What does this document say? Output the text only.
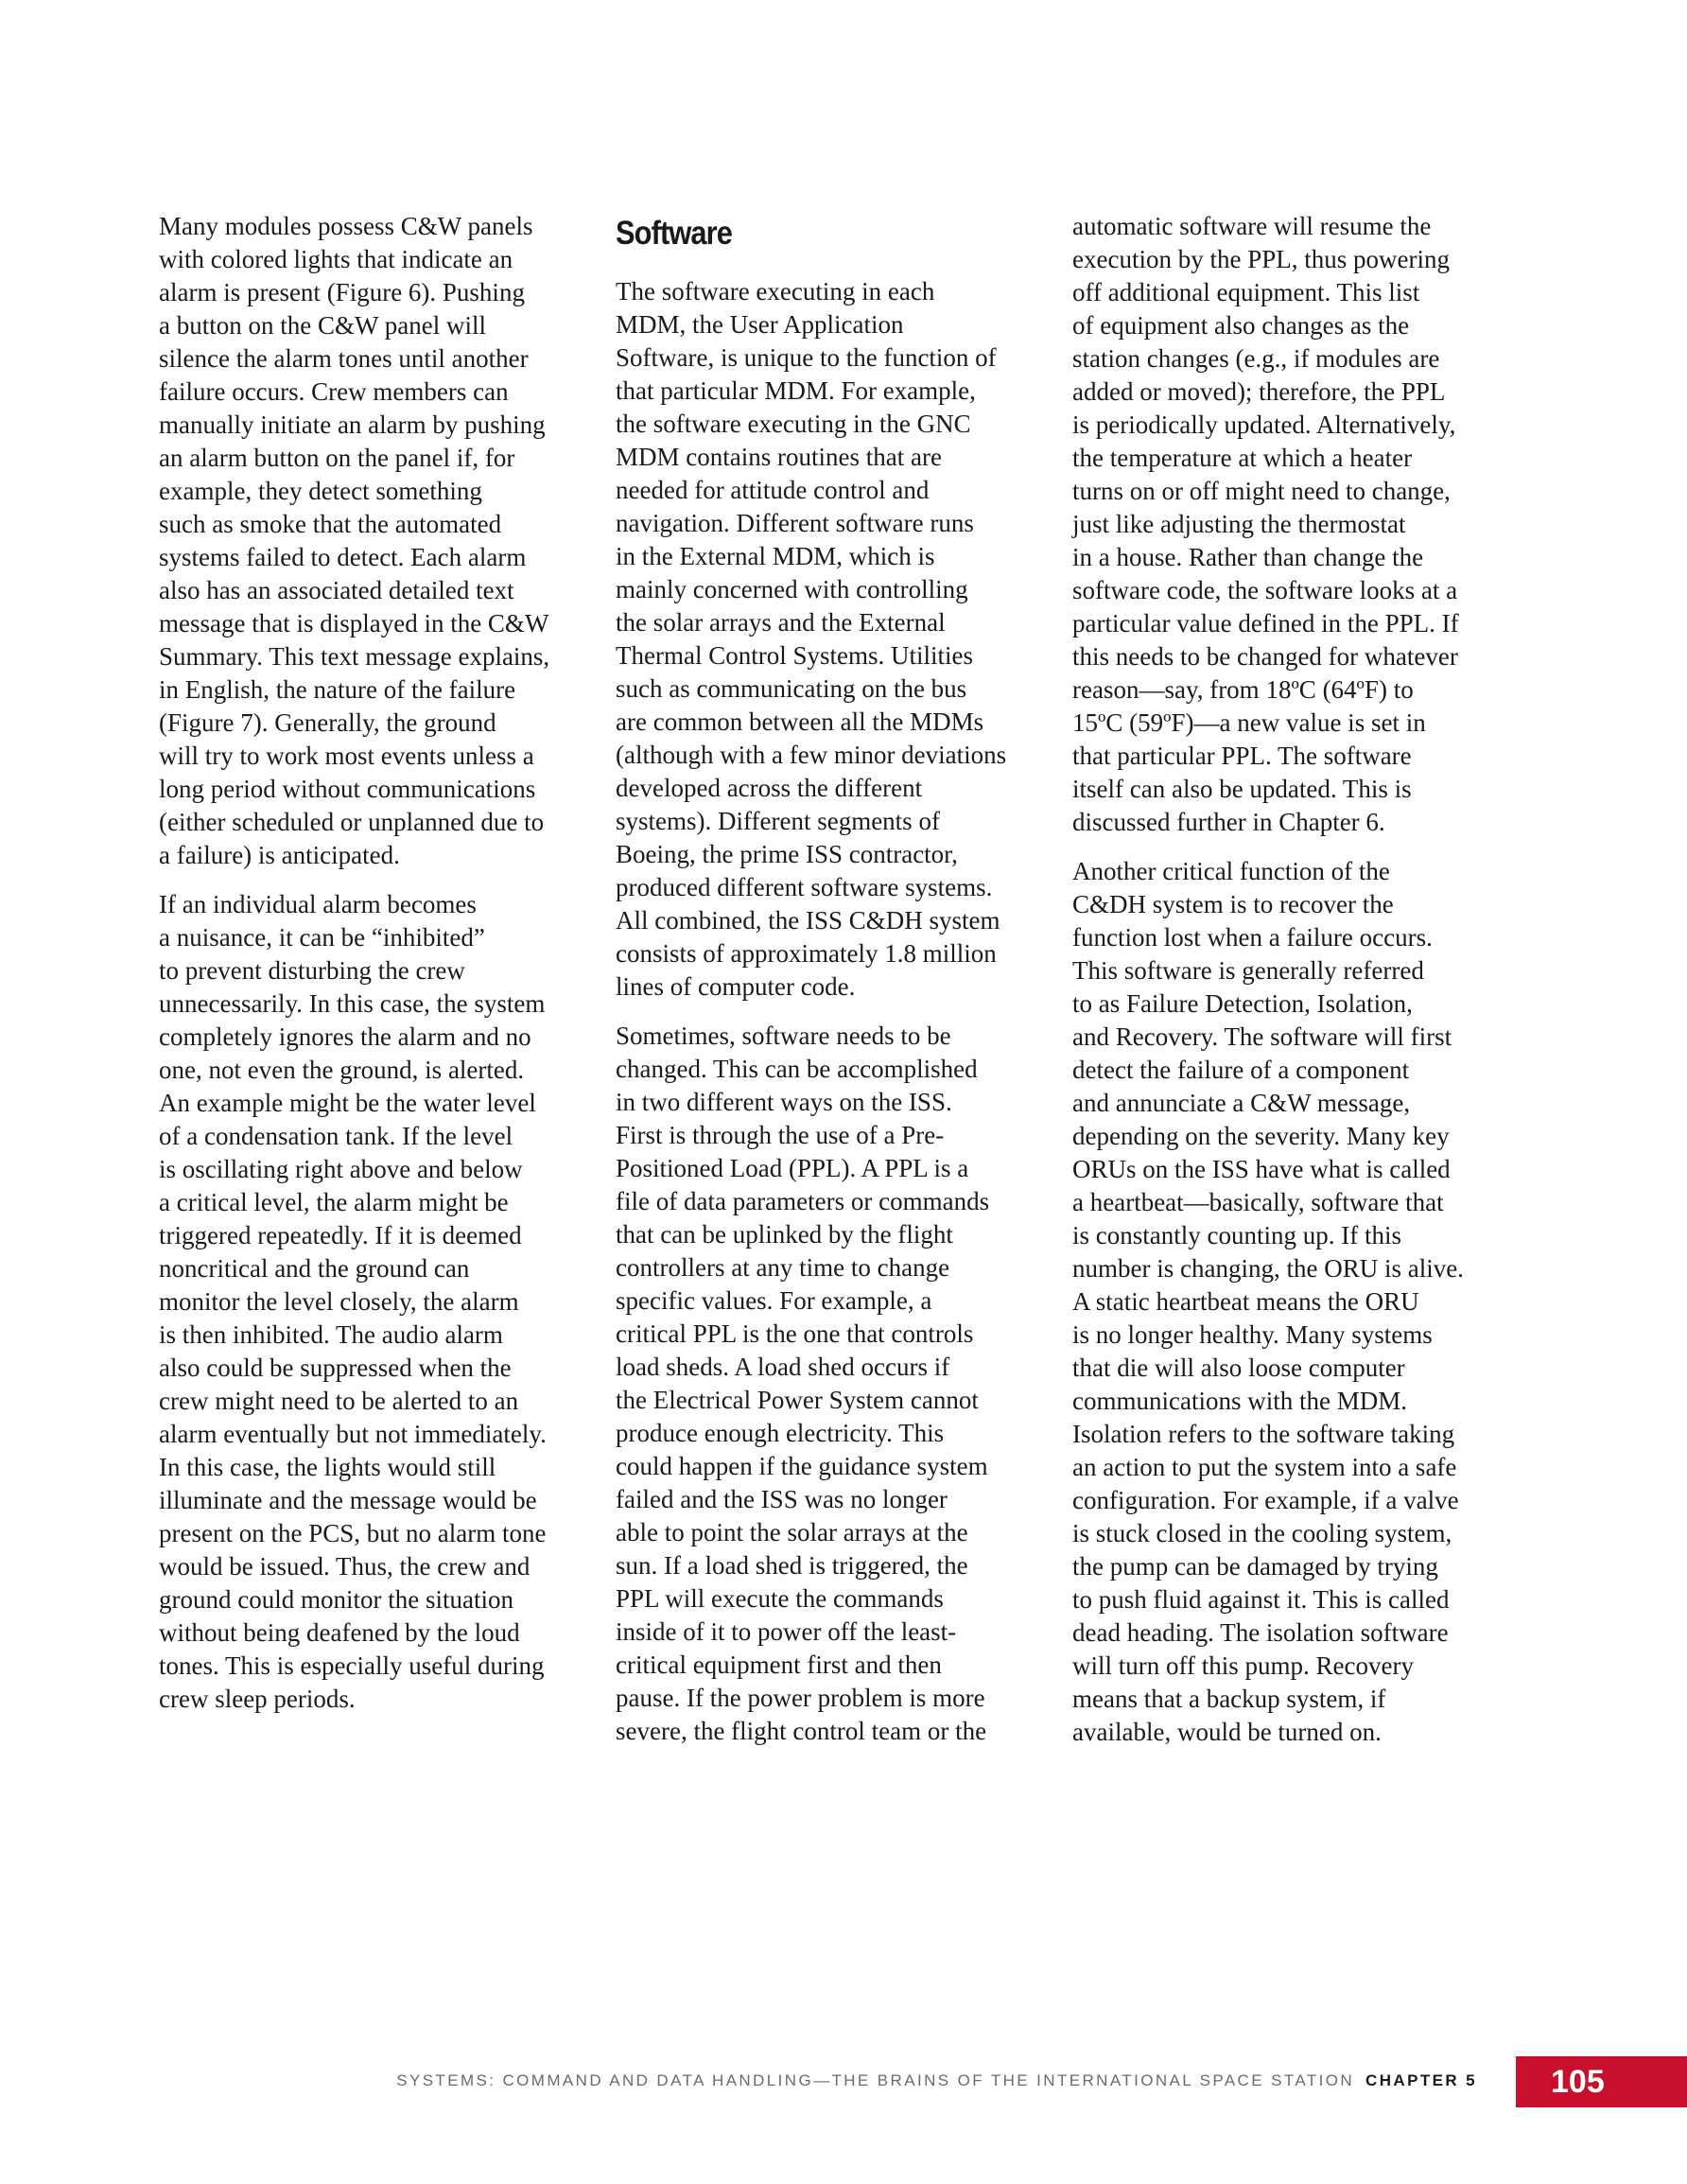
Many modules possess C&W panels
with colored lights that indicate an
alarm is present (Figure 6). Pushing
a button on the C&W panel will
silence the alarm tones until another
failure occurs. Crew members can
manually initiate an alarm by pushing
an alarm button on the panel if, for
example, they detect something
such as smoke that the automated
systems failed to detect. Each alarm
also has an associated detailed text
message that is displayed in the C&W
Summary. This text message explains,
in English, the nature of the failure
(Figure 7). Generally, the ground
will try to work most events unless a
long period without communications
(either scheduled or unplanned due to
a failure) is anticipated.

If an individual alarm becomes
a nuisance, it can be “inhibited”
to prevent disturbing the crew
unnecessarily. In this case, the system
completely ignores the alarm and no
one, not even the ground, is alerted.
An example might be the water level
of a condensation tank. If the level
is oscillating right above and below
a critical level, the alarm might be
triggered repeatedly. If it is deemed
noncritical and the ground can
monitor the level closely, the alarm
is then inhibited. The audio alarm
also could be suppressed when the
crew might need to be alerted to an
alarm eventually but not immediately.
In this case, the lights would still
illuminate and the message would be
present on the PCS, but no alarm tone
would be issued. Thus, the crew and
ground could monitor the situation
without being deafened by the loud
tones. This is especially useful during
crew sleep periods.

Software

The software executing in each
MDM, the User Application
Software, is unique to the function of
that particular MDM. For example,
the software executing in the GNC
MDM contains routines that are
needed for attitude control and
navigation. Different software runs
in the External MDM, which is
mainly concerned with controlling
the solar arrays and the External
Thermal Control Systems. Utilities
such as communicating on the bus
are common between all the MDMs
(although with a few minor deviations
developed across the different
systems). Different segments of
Boeing, the prime ISS contractor,
produced different software systems.
All combined, the ISS C&DH system
consists of approximately 1.8 million
lines of computer code.

Sometimes, software needs to be
changed. This can be accomplished
in two different ways on the ISS.
First is through the use of a Pre-
Positioned Load (PPL). A PPL is a
file of data parameters or commands
that can be uplinked by the flight
controllers at any time to change
specific values. For example, a
critical PPL is the one that controls
load sheds. A load shed occurs if
the Electrical Power System cannot
produce enough electricity. This
could happen if the guidance system
failed and the ISS was no longer
able to point the solar arrays at the
sun. If a load shed is triggered, the
PPL will execute the commands
inside of it to power off the least-
critical equipment first and then
pause. If the power problem is more
severe, the flight control team or the

automatic software will resume the
execution by the PPL, thus powering
off additional equipment. This list
of equipment also changes as the
station changes (e.g., if modules are
added or moved); therefore, the PPL
is periodically updated. Alternatively,
the temperature at which a heater
turns on or off might need to change,
just like adjusting the thermostat
in a house. Rather than change the
software code, the software looks at a
particular value defined in the PPL. If
this needs to be changed for whatever
reason—say, from 18ºC (64ºF) to
15ºC (59ºF)—a new value is set in
that particular PPL. The software
itself can also be updated. This is
discussed further in Chapter 6.

Another critical function of the
C&DH system is to recover the
function lost when a failure occurs.
This software is generally referred
to as Failure Detection, Isolation,
and Recovery. The software will first
detect the failure of a component
and annunciate a C&W message,
depending on the severity. Many key
ORUs on the ISS have what is called
a heartbeat—basically, software that
is constantly counting up. If this
number is changing, the ORU is alive.
A static heartbeat means the ORU
is no longer healthy. Many systems
that die will also loose computer
communications with the MDM.
Isolation refers to the software taking
an action to put the system into a safe
configuration. For example, if a valve
is stuck closed in the cooling system,
the pump can be damaged by trying
to push fluid against it. This is called
dead heading. The isolation software
will turn off this pump. Recovery
means that a backup system, if
available, would be turned on.

SYSTEMS: COMMAND AND DATA HANDLING—THE BRAINS OF THE INTERNATIONAL SPACE STATION CHAPTER 5	105
